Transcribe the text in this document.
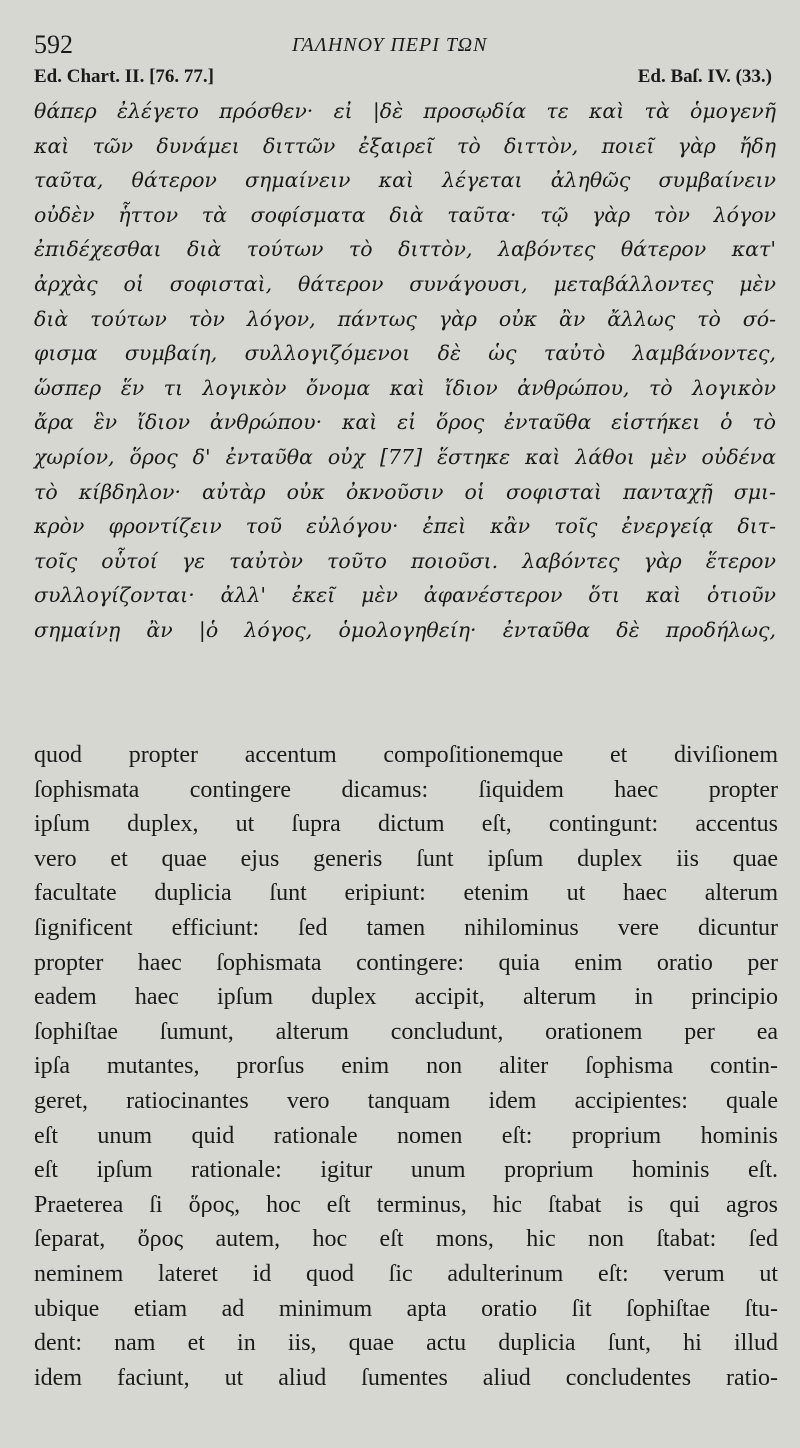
592	ΓΑΛΗΝΟΥ ΠΕΡΙ ΤΩΝ
Ed. Chart. II. [76. 77.]	Ed. Baſ. IV. (33.)
θάπερ ἐλέγετο πρόσθεν· εἰ |δὲ προσῳδία τε καὶ τὰ ὁμογενῆ
καὶ τῶν δυνάμει διττῶν ἐξαιρεῖ τὸ διττὸν, ποιεῖ γὰρ ἤδη
ταῦτα, θάτερον σημαίνειν καὶ λέγεται ἀληθῶς συμβαίνειν
οὐδὲν ἧττον τὰ σοφίσματα διὰ ταῦτα· τῷ γὰρ τὸν λόγον
ἐπιδέχεσθαι διὰ τούτων τὸ διττὸν, λαβόντες θάτερον κατ'
ἀρχὰς οἱ σοφισταὶ, θάτερον συνάγουσι, μεταβάλλοντες μὲν
διὰ τούτων τὸν λόγον, πάντως γὰρ οὐκ ἂν ἄλλως τὸ σό-
φισμα συμβαίη, συλλογιζόμενοι δὲ ὡς ταὐτὸ λαμβάνοντες,
ὥσπερ ἕν τι λογικὸν ὄνομα καὶ ἴδιον ἀνθρώπου, τὸ λογικὸν
ἄρα ἓν ἴδιον ἀνθρώπου· καὶ εἰ ὅρος ἐνταῦθα εἱστήκει ὁ τὸ
χωρίον, ὅρος δ' ἐνταῦθα οὐχ [77] ἕστηκε καὶ λάθοι μὲν οὐδένα
τὸ κίβδηλον· αὐτὰρ οὐκ ὀκνοῦσιν οἱ σοφισταὶ πανταχῇ σμι-
κρὸν φροντίζειν τοῦ εὐλόγου· ἐπεὶ κἂν τοῖς ἐνεργείᾳ διτ-
τοῖς οὗτοί γε ταὐτὸν τοῦτο ποιοῦσι. λαβόντες γὰρ ἕτερον
συλλογίζονται· ἀλλ' ἐκεῖ μὲν ἀφανέστερον ὅτι καὶ ὁτιοῦν
σημαίνῃ ἂν |ὁ λόγος, ὁμολογηθείη· ἐνταῦθα δὲ προδήλως,
quod propter accentum compoſitionemque et diviſionem
ſophismata contingere dicamus: ſiquidem haec propter
ipſum duplex, ut ſupra dictum eſt, contingunt: accentus
vero et quae ejus generis ſunt ipſum duplex iis quae
facultate duplicia ſunt eripiunt: etenim ut haec alterum
ſignificent efficiunt: ſed tamen nihilominus vere dicuntur
propter haec ſophismata contingere: quia enim oratio per
eadem haec ipſum duplex accipit, alterum in principio
ſophiſtae ſumunt, alterum concludunt, orationem per ea
ipſa mutantes, prorſus enim non aliter ſophisma contin-
geret, ratiocinantes vero tanquam idem accipientes: quale
eſt unum quid rationale nomen eſt: proprium hominis
eſt ipſum rationale: igitur unum proprium hominis eſt.
Praeterea ſi ὅρος, hoc eſt terminus, hic ſtabat is qui agros
ſeparat, ὄρος autem, hoc eſt mons, hic non ſtabat: ſed
neminem lateret id quod ſic adulterinum eſt: verum ut
ubique etiam ad minimum apta oratio ſit ſophiſtae ſtu-
dent: nam et in iis, quae actu duplicia ſunt, hi illud
idem faciunt, ut aliud ſumentes aliud concludentes ratio-
